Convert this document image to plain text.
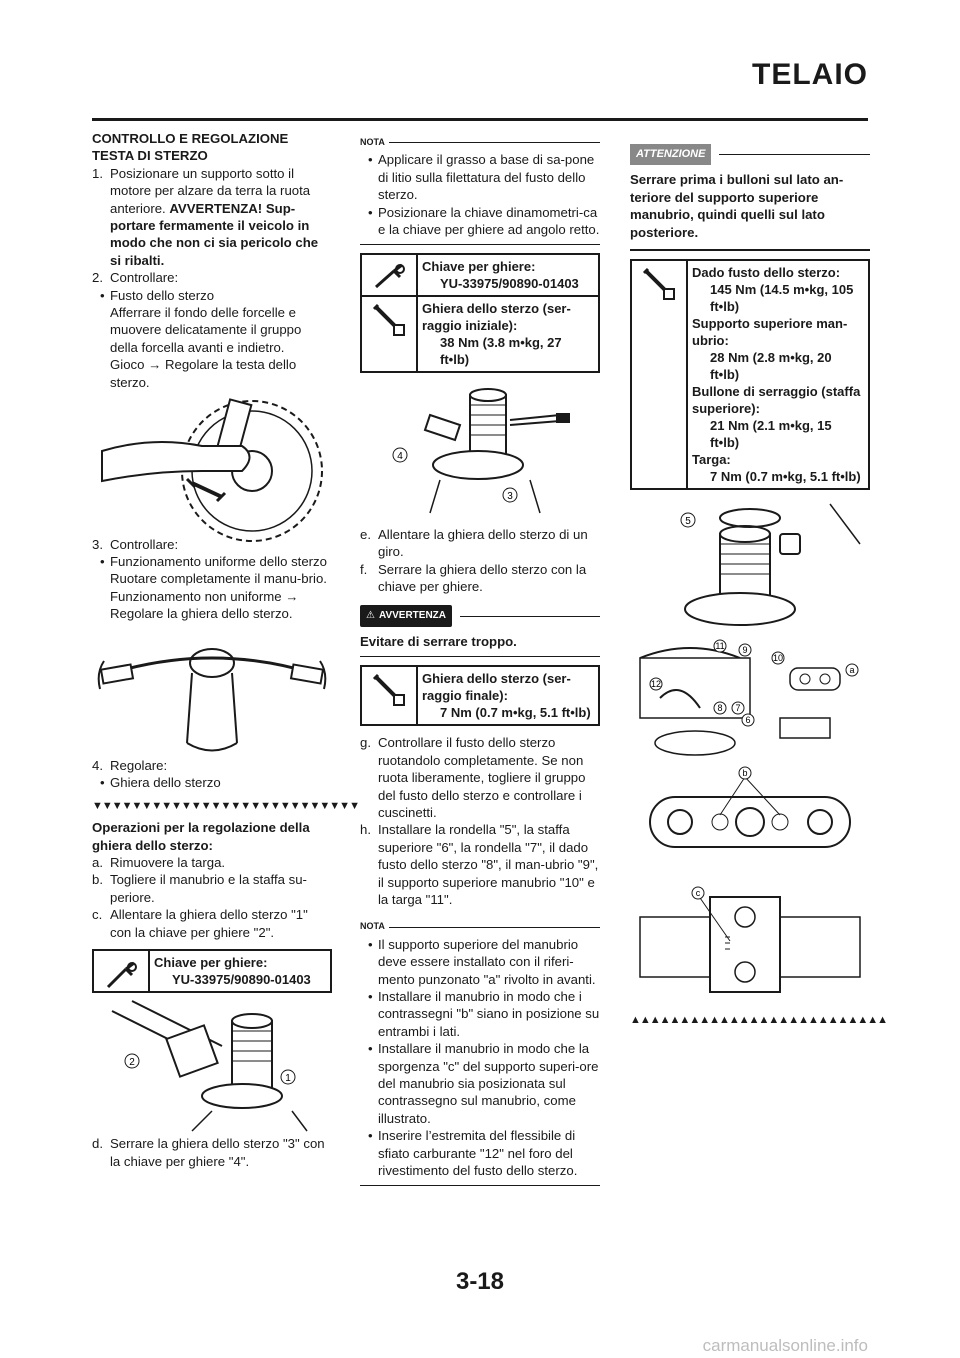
TELAIO

CONTROLLO E REGOLAZIONE

TESTA DI STERZO

1. Posizionare un supporto sotto il motore per alzare da terra la ruota anteriore. AVVERTENZA! Sup-portare fermamente il veicolo in modo che non ci sia pericolo che si ribalti.
2. Controllare:
• Fusto dello sterzo

Afferrare il fondo delle forcelle e muovere delicatamente il gruppo della forcella avanti e indietro.

Gioco → Regolare la testa dello sterzo.

3. Controllare:
• Funzionamento uniforme dello sterzo

Ruotare completamente il manu-brio.

Funzionamento non uniforme → Regolare la ghiera dello sterzo.

4. Regolare:
• Ghiera dello sterzo
▼▼▼▼▼▼▼▼▼▼▼▼▼▼▼▼▼▼▼▼▼▼▼▼▼▼▼

Operazioni per la regolazione della ghiera dello sterzo:

a. Rimuovere la targa.
b. Togliere il manubrio e la staffa su-periore.
c. Allentare la ghiera dello sterzo "1" con la chiave per ghiere "2".
Chiave per ghiere:
YU-33975/90890-01403
2
1
d. Serrare la ghiera dello sterzo "3" con la chiave per ghiere "4".
NOTA
• Applicare il grasso a base di sa-pone di litio sulla filettatura del fusto dello sterzo.
• Posizionare la chiave dinamometri-ca e la chiave per ghiere ad angolo retto.
Chiave per ghiere:
YU-33975/90890-01403
Ghiera dello sterzo (ser-raggio iniziale):
38 Nm (3.8 m•kg, 27 ft•lb)
4
3
e. Allentare la ghiera dello sterzo di un giro.
f. Serrare la ghiera dello sterzo con la chiave per ghiere.
⚠ AVVERTENZA
Evitare di serrare troppo.
Ghiera dello sterzo (ser-raggio finale):
7 Nm (0.7 m•kg, 5.1 ft•lb)
g. Controllare il fusto dello sterzo ruotandolo completamente. Se non ruota liberamente, togliere il gruppo del fusto dello sterzo e controllare i cuscinetti.
h. Installare la rondella "5", la staffa superiore "6", la rondella "7", il dado fusto dello sterzo "8", il man-ubrio "9", il supporto superiore manubrio "10" e la targa "11".
NOTA
• Il supporto superiore del manubrio deve essere installato con il riferi-mento punzonato "a" rivolto in avanti.
• Installare il manubrio in modo che i contrassegni "b" siano in posizione su entrambi i lati.
• Installare il manubrio in modo che la sporgenza "c" del supporto superi-ore del manubrio sia posizionata sul contrassegno sul manubrio, come illustrato.
• Inserire l’estremita del flessibile di sfiato carburante "12" nel foro del rivestimento del fusto dello sterzo.
ATTENZIONE
Serrare prima i bulloni sul lato an-teriore del supporto superiore manubrio, quindi quelli sul lato posteriore.
Dado fusto dello sterzo:
145 Nm (14.5 m•kg, 105 ft•lb)
Supporto superiore man-ubrio:
28 Nm (2.8 m•kg, 20 ft•lb)
Bullone di serraggio (staffa superiore):
21 Nm (2.1 m•kg, 15 ft•lb)
Targa:
7 Nm (0.7 m•kg, 5.1 ft•lb)
5

11 9
10
a
12
8 7
6

b

c
▲▲▲▲▲▲▲▲▲▲▲▲▲▲▲▲▲▲▲▲▲▲▲▲▲▲
3-18
carmanualsonline.info
